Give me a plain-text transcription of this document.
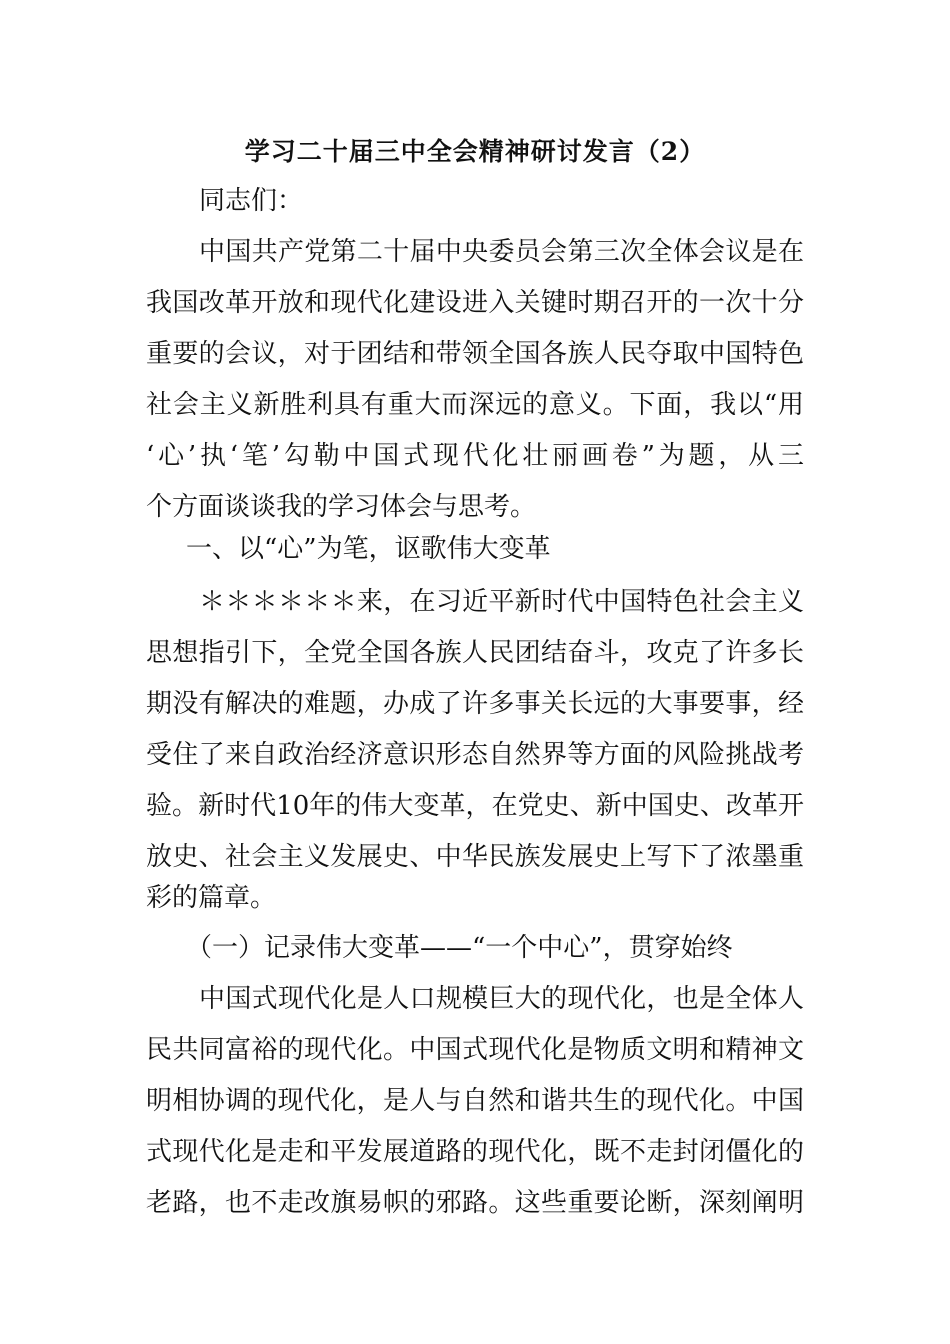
学习二十届三中全会精神研讨发言（2）
同志们：
中国共产党第二十届中央委员会第三次全体会议是在
我国改革开放和现代化建设进入关键时期召开的一次十分
重要的会议，对于团结和带领全国各族人民夺取中国特色
社会主义新胜利具有重大而深远的意义。下面，我以“用
‘心’执‘笔’勾勒中国式现代化壮丽画卷”为题，从三
个方面谈谈我的学习体会与思考。
一、以“心”为笔，讴歌伟大变革
＊＊＊＊＊＊来，在习近平新时代中国特色社会主义
思想指引下，全党全国各族人民团结奋斗，攻克了许多长
期没有解决的难题，办成了许多事关长远的大事要事，经
受住了来自政治经济意识形态自然界等方面的风险挑战考
验。新时代10年的伟大变革，在党史、新中国史、改革开
放史、社会主义发展史、中华民族发展史上写下了浓墨重
彩的篇章。
（一）记录伟大变革——“一个中心”，贯穿始终
中国式现代化是人口规模巨大的现代化，也是全体人
民共同富裕的现代化。中国式现代化是物质文明和精神文
明相协调的现代化，是人与自然和谐共生的现代化。中国
式现代化是走和平发展道路的现代化，既不走封闭僵化的
老路，也不走改旗易帜的邪路。这些重要论断，深刻阐明
